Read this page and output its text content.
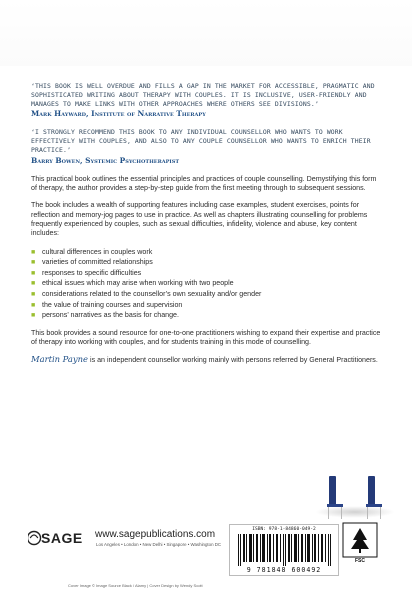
‘THIS BOOK IS WELL OVERDUE AND FILLS A GAP IN THE MARKET FOR ACCESSIBLE, PRAGMATIC AND SOPHISTICATED WRITING ABOUT THERAPY WITH COUPLES. IT IS INCLUSIVE, USER-FRIENDLY AND MANAGES TO MAKE LINKS WITH OTHER APPROACHES WHERE OTHERS SEE DIVISIONS.’
Mark Hayward, Institute of Narrative Therapy
‘I STRONGLY RECOMMEND THIS BOOK TO ANY INDIVIDUAL COUNSELLOR WHO WANTS TO WORK EFFECTIVELY WITH COUPLES, AND ALSO TO ANY COUPLE COUNSELLOR WHO WANTS TO ENRICH THEIR PRACTICE.’
Barry Bowen, Systemic Psychotherapist

This practical book outlines the essential principles and practices of couple counselling. Demystifying this form of therapy, the author provides a step-by-step guide from the first meeting through to subsequent sessions.

The book includes a wealth of supporting features including case examples, student exercises, points for reflection and memory-jog pages to use in practice. As well as chapters illustrating counselling for problems frequently experienced by couples, such as sexual difficulties, infidelity, violence and abuse, key content includes:

■ cultural differences in couples work
■ varieties of committed relationships
■ responses to specific difficulties
■ ethical issues which may arise when working with two people
■ considerations related to the counsellor’s own sexuality and/or gender
■ the value of training courses and supervision
■ persons’ narratives as the basis for change.

This book provides a sound resource for one-to-one practitioners wishing to expand their expertise and practice of therapy into working with couples, and for students training in this mode of counselling.

Martin Payne is an independent counsellor working mainly with persons referred by General Practitioners.
SAGE www.sagepublications.com
Los Angeles • London • New Delhi • Singapore • Washington DC
ISBN: 978-1-84860-049-2
9 781848 600492
FSC
Cover Image © Image Source Black / Alamy | Cover Design by Wendy Scott
